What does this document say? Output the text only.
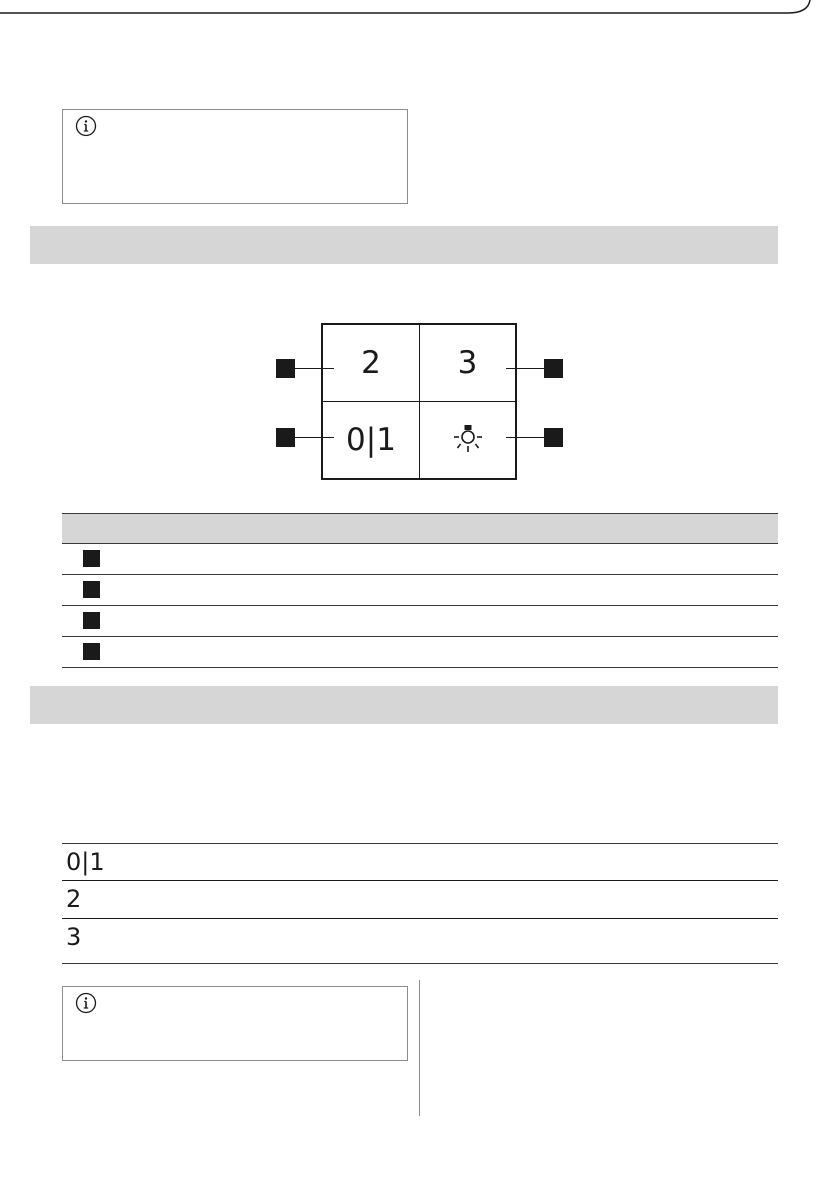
2	3
0|1
0|1
2
3
